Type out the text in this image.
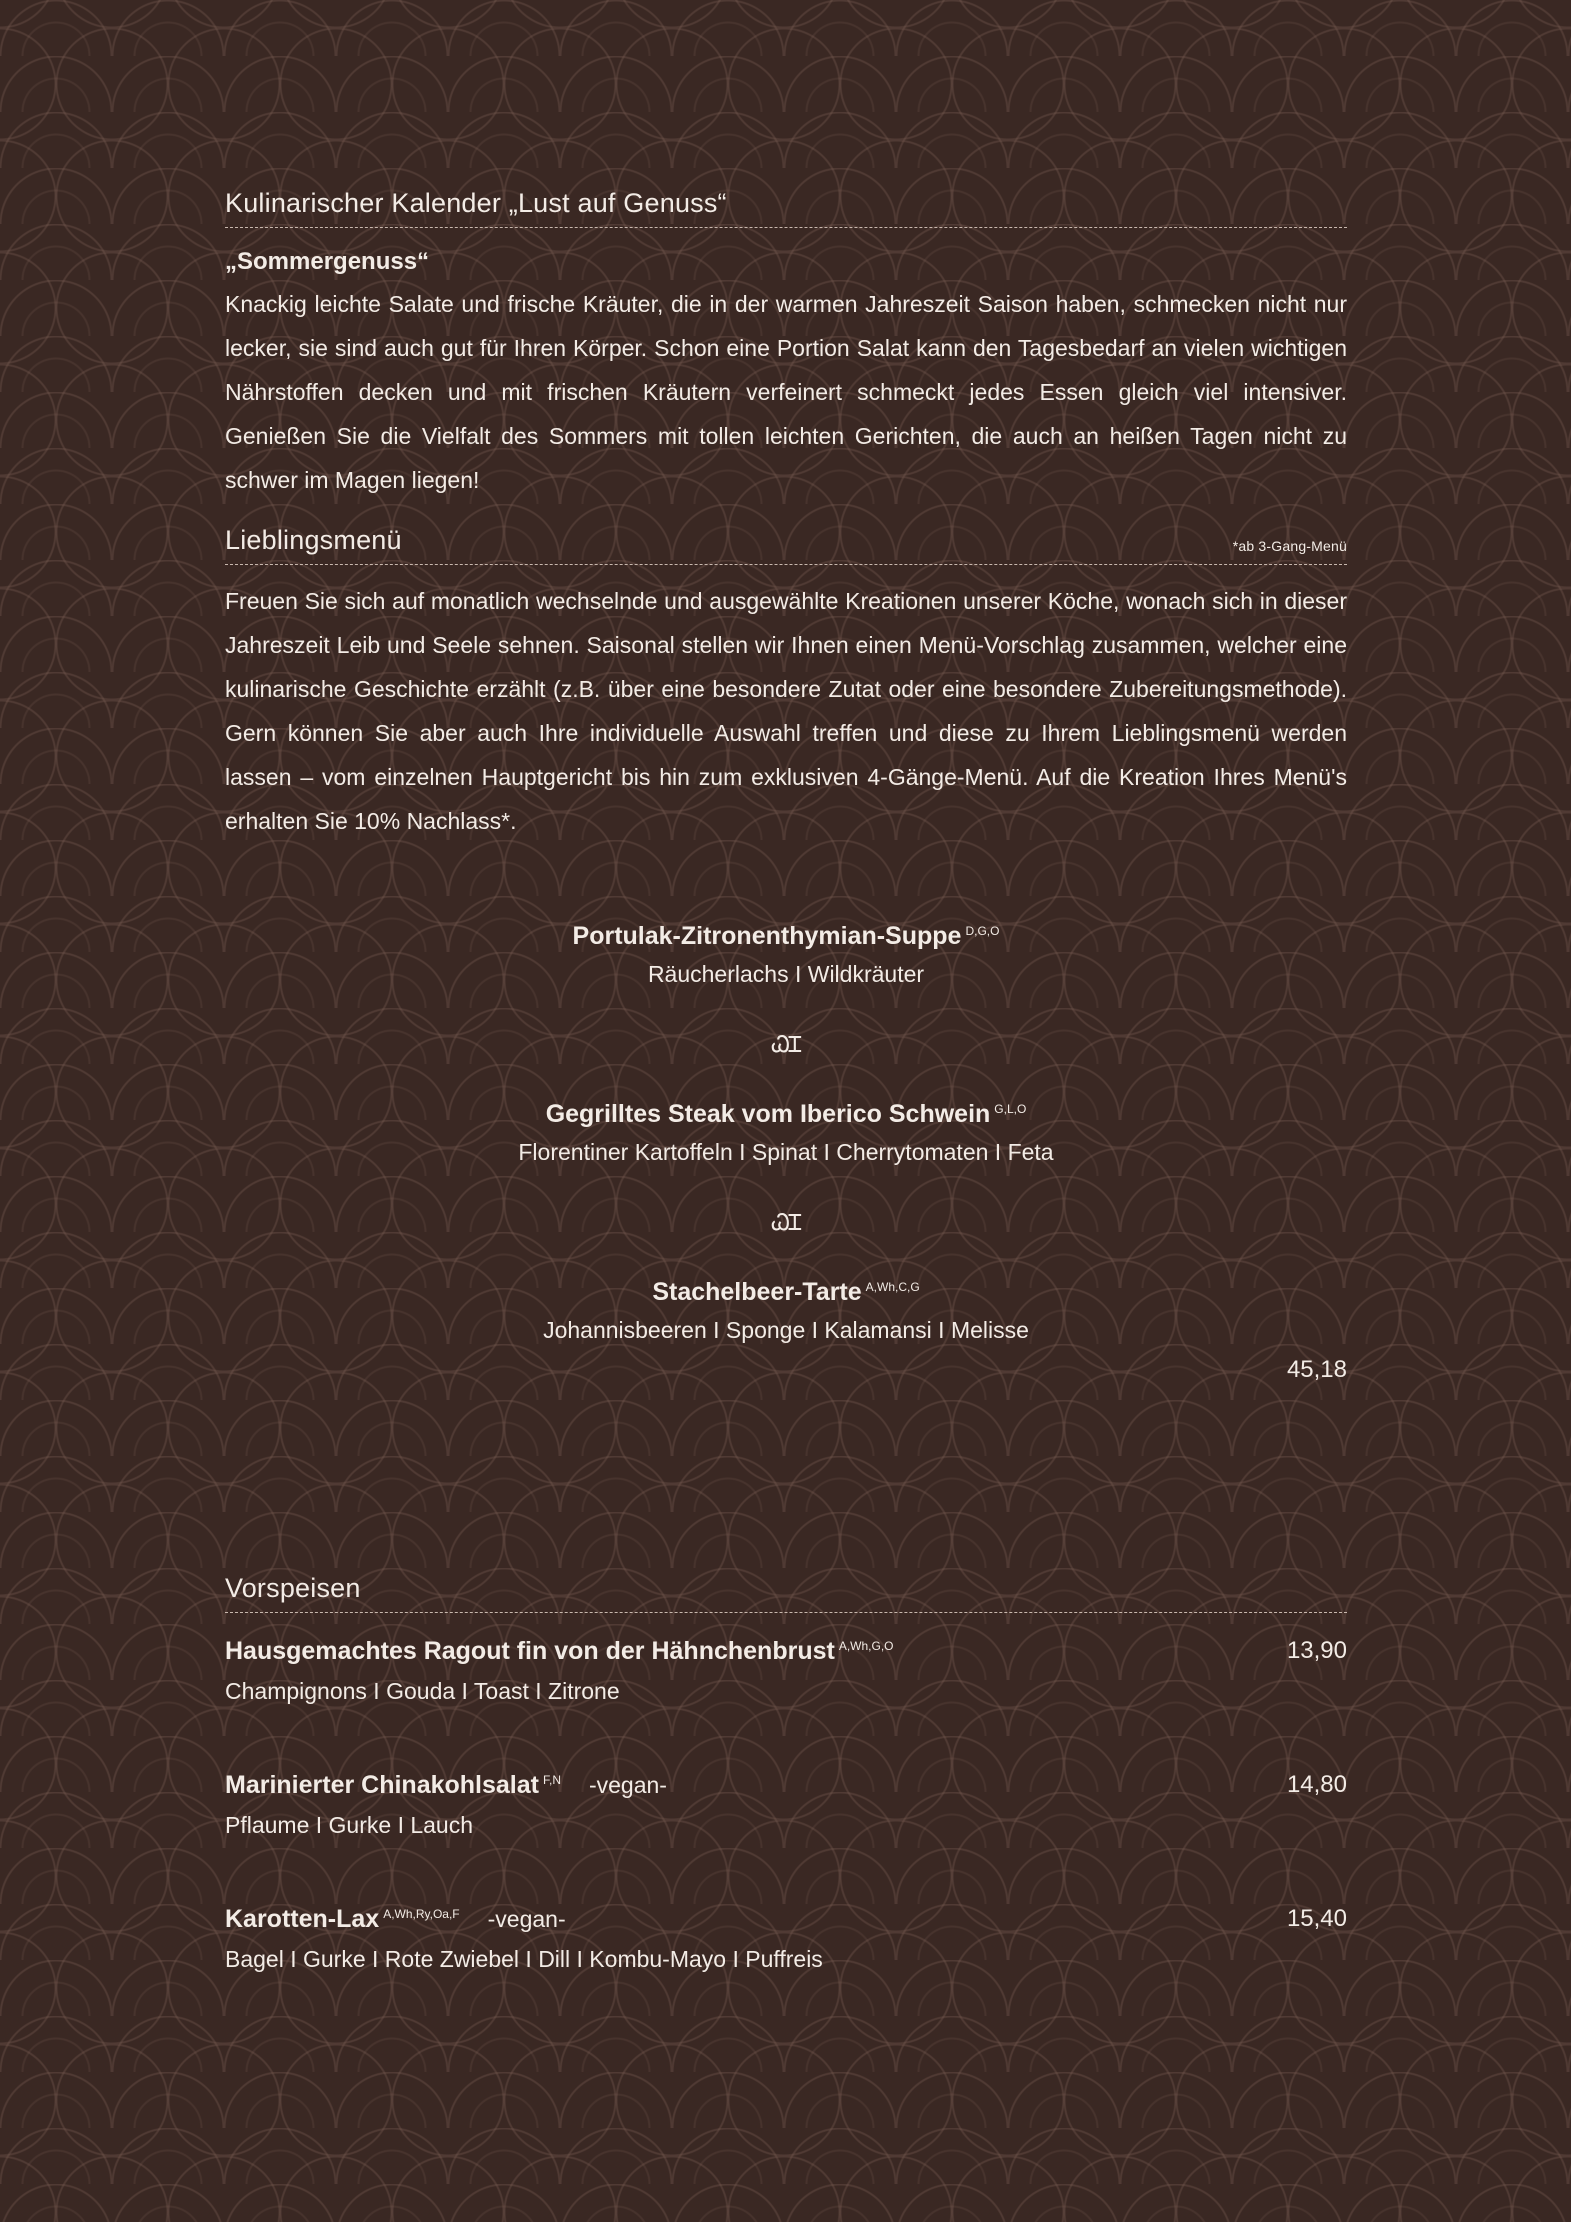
Kulinarischer Kalender „Lust auf Genuss“
„Sommergenuss“

Knackig leichte Salate und frische Kräuter, die in der warmen Jahreszeit Saison haben, schmecken nicht nur lecker, sie sind auch gut für Ihren Körper. Schon eine Portion Salat kann den Tagesbedarf an vielen wichtigen Nährstoffen decken und mit frischen Kräutern verfeinert schmeckt jedes Essen gleich viel intensiver. Genießen Sie die Vielfalt des Sommers mit tollen leichten Gerichten, die auch an heißen Tagen nicht zu schwer im Magen liegen!

Lieblingsmenü	*ab 3-Gang-Menü

Freuen Sie sich auf monatlich wechselnde und ausgewählte Kreationen unserer Köche, wonach sich in dieser Jahreszeit Leib und Seele sehnen. Saisonal stellen wir Ihnen einen Menü-Vorschlag zusammen, welcher eine kulinarische Geschichte erzählt (z.B. über eine besondere Zutat oder eine besondere Zubereitungsmethode). Gern können Sie aber auch Ihre individuelle Auswahl treffen und diese zu Ihrem Lieblingsmenü werden lassen – vom einzelnen Hauptgericht bis hin zum exklusiven 4-Gänge-Menü. Auf die Kreation Ihres Menü's erhalten Sie 10% Nachlass*.

Portulak-Zitronenthymian-Suppe $^{D,G,O}$
Räucherlachs I Wildkräuter
ᏇᏆ
Gegrilltes Steak vom Iberico Schwein $^{G,L,O}$
Florentiner Kartoffeln I Spinat I Cherrytomaten I Feta
ᏇᏆ
Stachelbeer-Tarte $^{A,Wh,C,G}$
Johannisbeeren I Sponge I Kalamansi I Melisse
45,18
Vorspeisen
Hausgemachtes Ragout fin von der Hähnchenbrust $^{A,Wh,G,O}$	13,90
Champignons I Gouda I Toast I Zitrone
Marinierter Chinakohlsalat $^{F,N}$ -vegan-	14,80
Pflaume I Gurke I Lauch
Karotten-Lax $^{A,Wh,Ry,Oa,F}$ -vegan-	15,40
Bagel I Gurke I Rote Zwiebel I Dill I Kombu-Mayo I Puffreis
